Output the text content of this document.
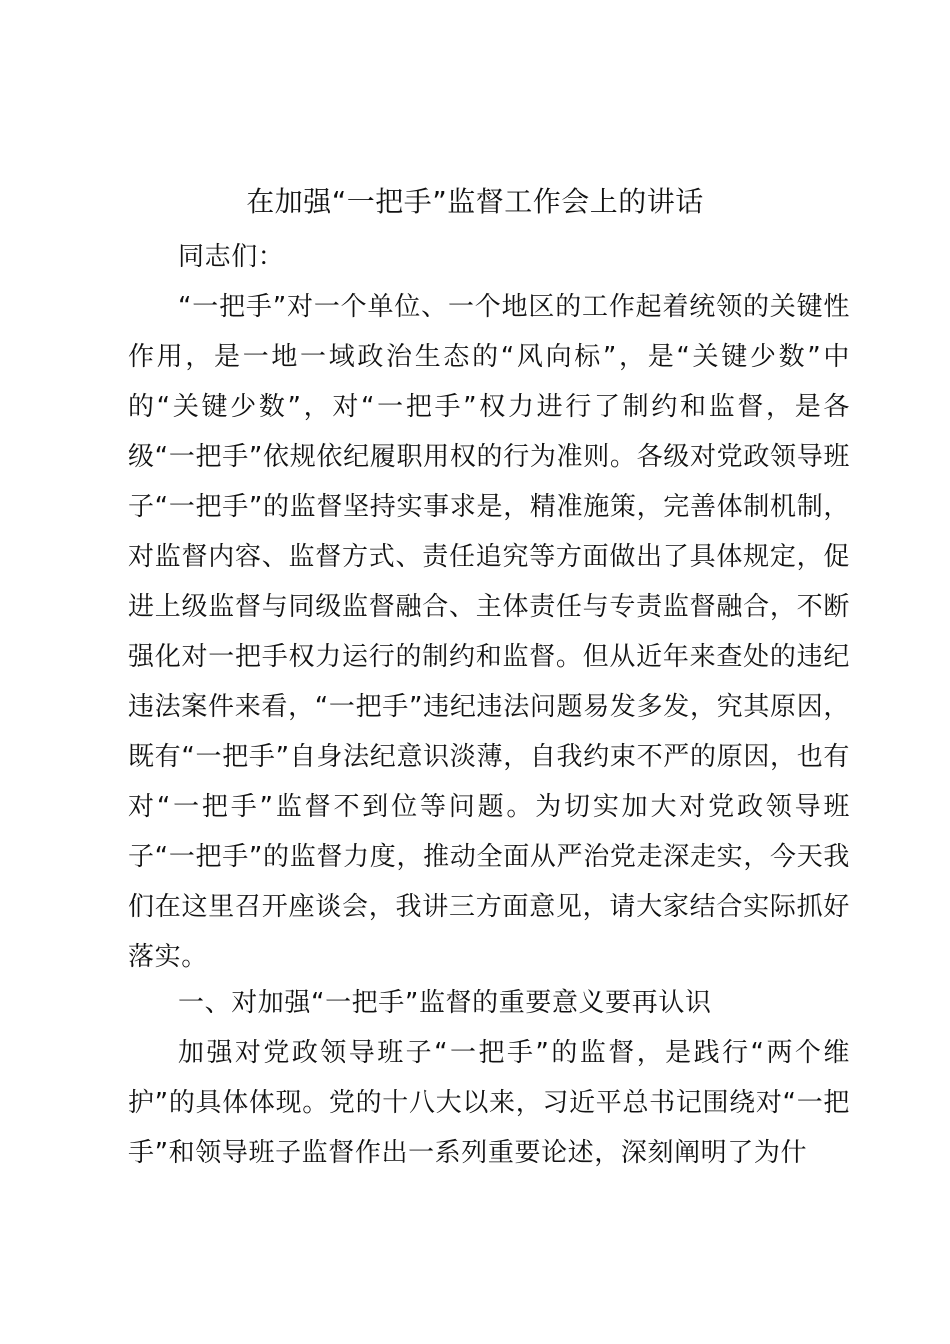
在加强“一把手”监督工作会上的讲话
同志们：
“一把手”对一个单位、一个地区的工作起着统领的关键性作用，是一地一域政治生态的“风向标”，是“关键少数”中的“关键少数”，对“一把手”权力进行了制约和监督，是各级“一把手”依规依纪履职用权的行为准则。各级对党政领导班子“一把手”的监督坚持实事求是，精准施策，完善体制机制，对监督内容、监督方式、责任追究等方面做出了具体规定，促进上级监督与同级监督融合、主体责任与专责监督融合，不断强化对一把手权力运行的制约和监督。但从近年来查处的违纪违法案件来看，“一把手”违纪违法问题易发多发，究其原因，既有“一把手”自身法纪意识淡薄，自我约束不严的原因，也有对“一把手”监督不到位等问题。为切实加大对党政领导班子“一把手”的监督力度，推动全面从严治党走深走实，今天我们在这里召开座谈会，我讲三方面意见，请大家结合实际抓好落实。
一、对加强“一把手”监督的重要意义要再认识
加强对党政领导班子“一把手”的监督，是践行“两个维护”的具体体现。党的十八大以来，习近平总书记围绕对“一把手”和领导班子监督作出一系列重要论述，深刻阐明了为什
